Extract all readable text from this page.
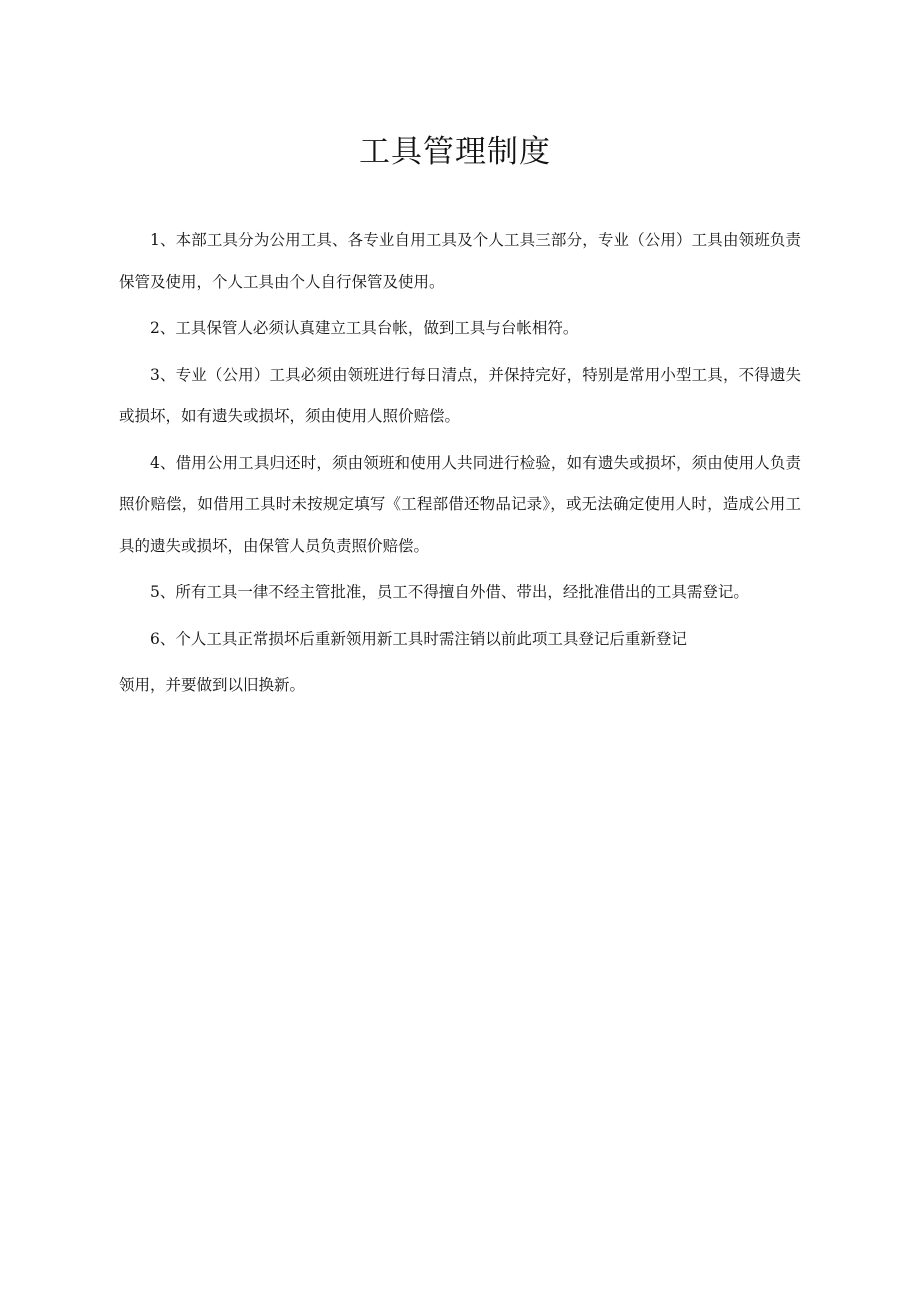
工具管理制度

1、本部工具分为公用工具、各专业自用工具及个人工具三部分，专业（公用）工具由领班负责保管及使用，个人工具由个人自行保管及使用。

2、工具保管人必须认真建立工具台帐，做到工具与台帐相符。

3、专业（公用）工具必须由领班进行每日清点，并保持完好，特别是常用小型工具，不得遗失或损坏，如有遗失或损坏，须由使用人照价赔偿。

4、借用公用工具归还时，须由领班和使用人共同进行检验，如有遗失或损坏，须由使用人负责照价赔偿，如借用工具时未按规定填写《工程部借还物品记录》，或无法确定使用人时，造成公用工具的遗失或损坏，由保管人员负责照价赔偿。

5、所有工具一律不经主管批准，员工不得擅自外借、带出，经批准借出的工具需登记。

6、个人工具正常损坏后重新领用新工具时需注销以前此项工具登记后重新登记

领用，并要做到以旧换新。
